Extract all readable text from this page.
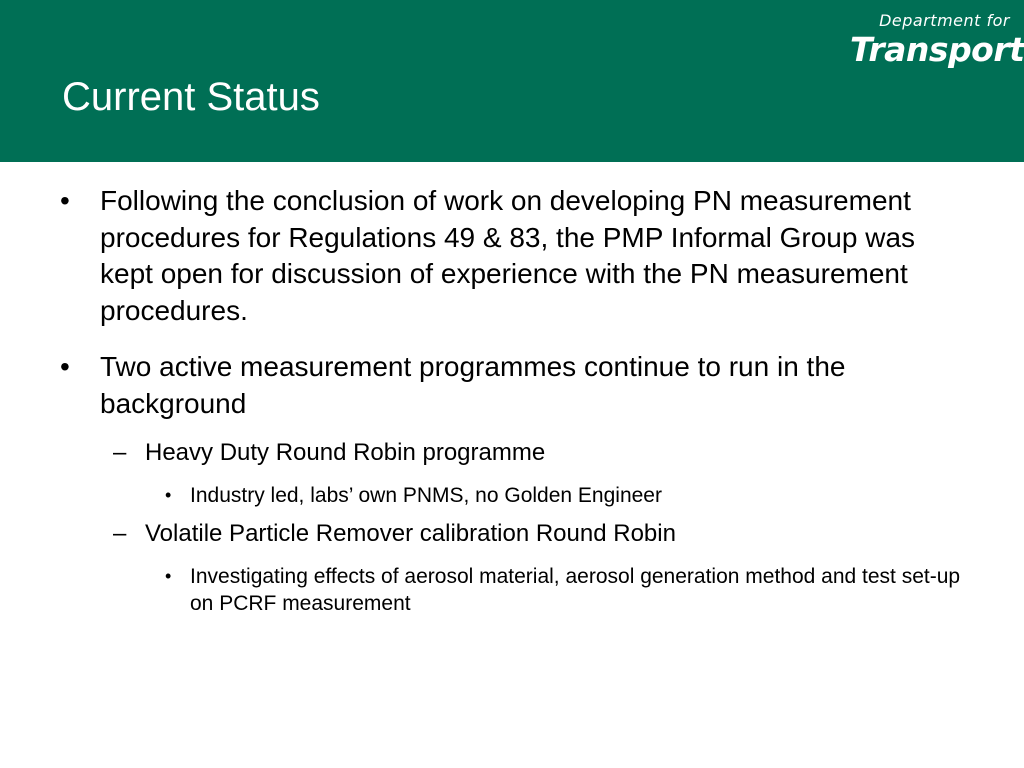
Current Status
Department for
Transport
• Following the conclusion of work on developing PN measurement procedures for Regulations 49 & 83, the PMP Informal Group was kept open for discussion of experience with the PN measurement procedures.
• Two active measurement programmes continue to run in the background
– Heavy Duty Round Robin programme
• Industry led, labs’ own PNMS, no Golden Engineer
– Volatile Particle Remover calibration Round Robin
• Investigating effects of aerosol material, aerosol generation method and test set-up on PCRF measurement
